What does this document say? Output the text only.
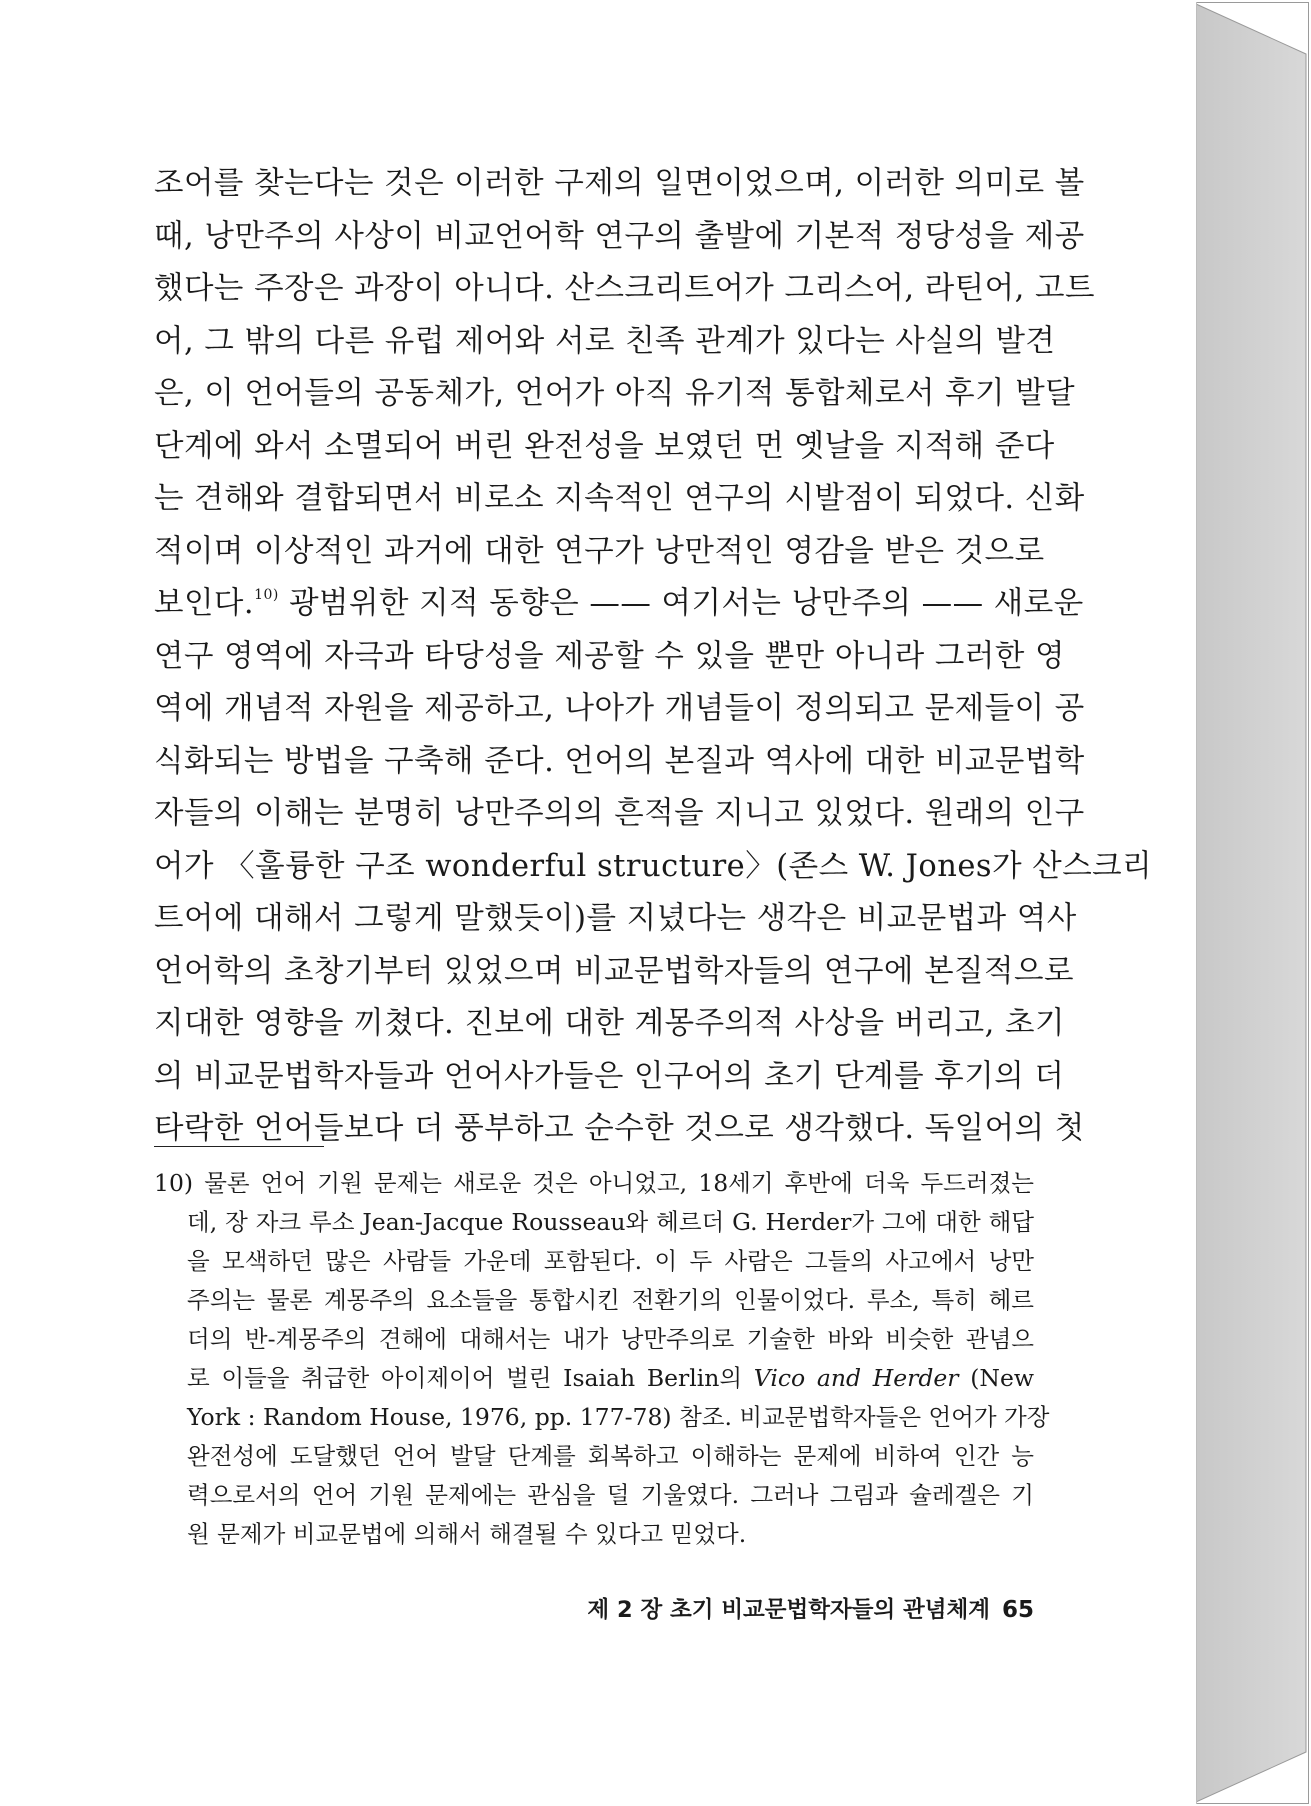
조어를 찾는다는 것은 이러한 구제의 일면이었으며, 이러한 의미로 볼
때, 낭만주의 사상이 비교언어학 연구의 출발에 기본적 정당성을 제공
했다는 주장은 과장이 아니다. 산스크리트어가 그리스어, 라틴어, 고트
어, 그 밖의 다른 유럽 제어와 서로 친족 관계가 있다는 사실의 발견
은, 이 언어들의 공동체가, 언어가 아직 유기적 통합체로서 후기 발달
단계에 와서 소멸되어 버린 완전성을 보였던 먼 옛날을 지적해 준다
는 견해와 결합되면서 비로소 지속적인 연구의 시발점이 되었다. 신화
적이며 이상적인 과거에 대한 연구가 낭만적인 영감을 받은 것으로
보인다.$^{10)}$ 광범위한 지적 동향은 —— 여기서는 낭만주의 —— 새로운
연구 영역에 자극과 타당성을 제공할 수 있을 뿐만 아니라 그러한 영
역에 개념적 자원을 제공하고, 나아가 개념들이 정의되고 문제들이 공
식화되는 방법을 구축해 준다. 언어의 본질과 역사에 대한 비교문법학
자들의 이해는 분명히 낭만주의의 흔적을 지니고 있었다. 원래의 인구
어가 〈훌륭한 구조 wonderful structure〉(존스 W. Jones가 산스크리
트어에 대해서 그렇게 말했듯이)를 지녔다는 생각은 비교문법과 역사
언어학의 초창기부터 있었으며 비교문법학자들의 연구에 본질적으로
지대한 영향을 끼쳤다. 진보에 대한 계몽주의적 사상을 버리고, 초기
의 비교문법학자들과 언어사가들은 인구어의 초기 단계를 후기의 더
타락한 언어들보다 더 풍부하고 순수한 것으로 생각했다. 독일어의 첫
10) 물론 언어 기원 문제는 새로운 것은 아니었고, 18세기 후반에 더욱 두드러졌는
데, 장 자크 루소 Jean-Jacque Rousseau와 헤르더 G. Herder가 그에 대한 해답
을 모색하던 많은 사람들 가운데 포함된다. 이 두 사람은 그들의 사고에서 낭만
주의는 물론 계몽주의 요소들을 통합시킨 전환기의 인물이었다. 루소, 특히 헤르
더의 반-계몽주의 견해에 대해서는 내가 낭만주의로 기술한 바와 비슷한 관념으
로 이들을 취급한 아이제이어 벌린 Isaiah Berlin의 Vico and Herder (New
York : Random House, 1976, pp. 177-78) 참조. 비교문법학자들은 언어가 가장
완전성에 도달했던 언어 발달 단계를 회복하고 이해하는 문제에 비하여 인간 능
력으로서의 언어 기원 문제에는 관심을 덜 기울였다. 그러나 그림과 슐레겔은 기
원 문제가 비교문법에 의해서 해결될 수 있다고 믿었다.
제 2 장 초기 비교문법학자들의 관념체계 65
